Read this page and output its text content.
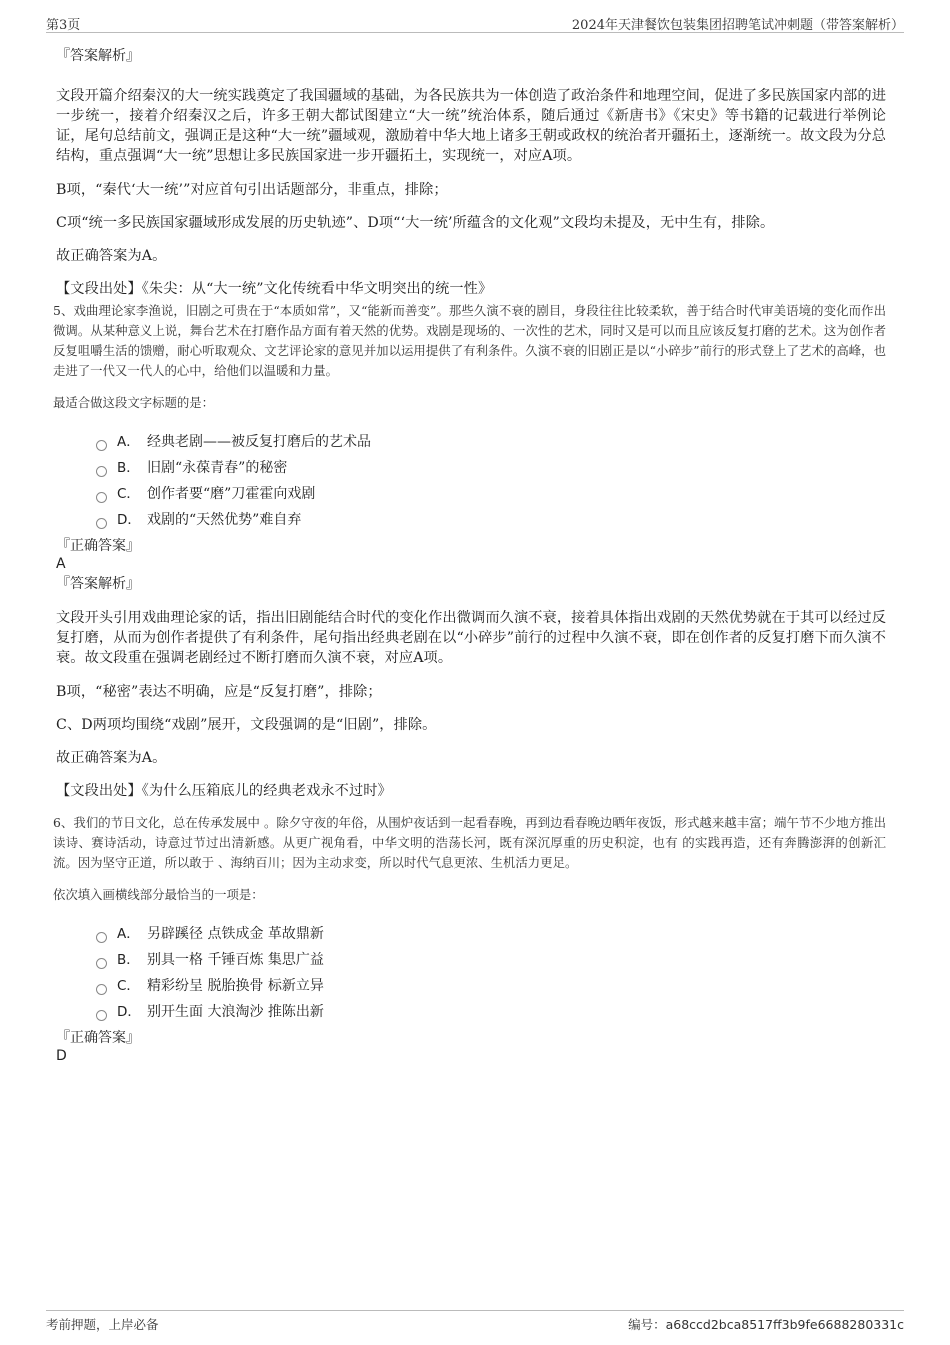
第3页	2024年天津餐饮包装集团招聘笔试冲刺题（带答案解析）

『答案解析』

文段开篇介绍秦汉的大一统实践奠定了我国疆域的基础，为各民族共为一体创造了政治条件和地理空间，促进了多民族国家内部的进一步统一，接着介绍秦汉之后，许多王朝大都试图建立“大一统”统治体系，随后通过《新唐书》《宋史》等书籍的记载进行举例论证，尾句总结前文，强调正是这种“大一统”疆域观，激励着中华大地上诸多王朝或政权的统治者开疆拓土，逐渐统一。故文段为分总结构，重点强调“大一统”思想让多民族国家进一步开疆拓土，实现统一，对应A项。

B项，“秦代‘大一统’”对应首句引出话题部分，非重点，排除；

C项“统一多民族国家疆域形成发展的历史轨迹”、D项“‘大一统’所蕴含的文化观”文段均未提及，无中生有，排除。

故正确答案为A。

【文段出处】《朱尖：从“大一统”文化传统看中华文明突出的统一性》

5、戏曲理论家李渔说，旧剧之可贵在于“本质如常”，又“能新而善变”。那些久演不衰的剧目，身段往往比较柔软，善于结合时代审美语境的变化而作出微调。从某种意义上说，舞台艺术在打磨作品方面有着天然的优势。戏剧是现场的、一次性的艺术，同时又是可以而且应该反复打磨的艺术。这为创作者反复咀嚼生活的馈赠，耐心听取观众、文艺评论家的意见并加以运用提供了有利条件。久演不衰的旧剧正是以“小碎步”前行的形式登上了艺术的高峰，也走进了一代又一代人的心中，给他们以温暖和力量。

最适合做这段文字标题的是：

A． 经典老剧——被反复打磨后的艺术品
B． 旧剧“永葆青春”的秘密
C． 创作者要“磨”刀霍霍向戏剧
D． 戏剧的“天然优势”难自弃

『正确答案』

A

『答案解析』

文段开头引用戏曲理论家的话，指出旧剧能结合时代的变化作出微调而久演不衰，接着具体指出戏剧的天然优势就在于其可以经过反复打磨，从而为创作者提供了有利条件，尾句指出经典老剧在以“小碎步”前行的过程中久演不衰，即在创作者的反复打磨下而久演不衰。故文段重在强调老剧经过不断打磨而久演不衰，对应A项。

B项，“秘密”表达不明确，应是“反复打磨”，排除；

C、D两项均围绕“戏剧”展开，文段强调的是“旧剧”，排除。

故正确答案为A。

【文段出处】《为什么压箱底儿的经典老戏永不过时》

6、我们的节日文化，总在传承发展中 。除夕守夜的年俗，从围炉夜话到一起看春晚，再到边看春晚边晒年夜饭，形式越来越丰富；端午节不少地方推出读诗、赛诗活动，诗意过节过出清新感。从更广视角看，中华文明的浩荡长河，既有深沉厚重的历史积淀，也有 的实践再造，还有奔腾澎湃的创新汇流。因为坚守正道，所以敢于 、海纳百川；因为主动求变，所以时代气息更浓、生机活力更足。

依次填入画横线部分最恰当的一项是：

A． 另辟蹊径 点铁成金 革故鼎新
B． 别具一格 千锤百炼 集思广益
C． 精彩纷呈 脱胎换骨 标新立异
D． 别开生面 大浪淘沙 推陈出新

『正确答案』

D

考前押题，上岸必备	编号：a68ccd2bca8517ff3b9fe6688280331c
